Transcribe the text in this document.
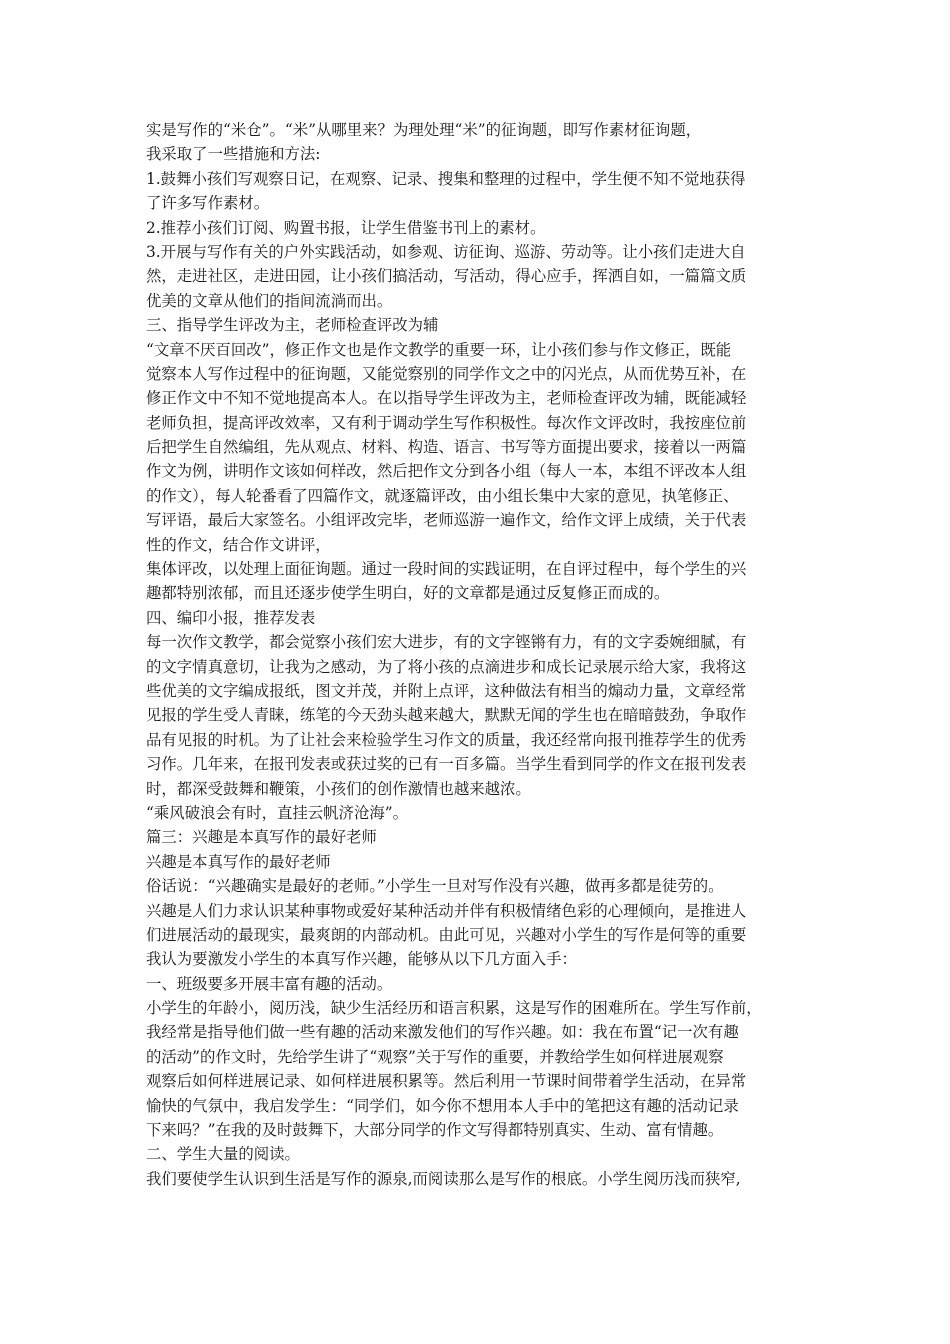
实是写作的“米仓”。“米”从哪里来？为理处理“米”的征询题，即写作素材征询题，
我采取了一些措施和方法:
1.鼓舞小孩们写观察日记，在观察、记录、搜集和整理的过程中，学生便不知不觉地获得
了许多写作素材。
2.推荐小孩们订阅、购置书报，让学生借鉴书刊上的素材。
3.开展与写作有关的户外实践活动，如参观、访征询、巡游、劳动等。让小孩们走进大自
然，走进社区，走进田园，让小孩们搞活动，写活动，得心应手，挥洒自如，一篇篇文质
优美的文章从他们的指间流淌而出。
三、指导学生评改为主，老师检查评改为辅
“文章不厌百回改”，修正作文也是作文教学的重要一环，让小孩们参与作文修正，既能
觉察本人写作过程中的征询题，又能觉察别的同学作文之中的闪光点，从而优势互补，在
修正作文中不知不觉地提高本人。在以指导学生评改为主，老师检查评改为辅，既能减轻
老师负担，提高评改效率，又有利于调动学生写作积极性。每次作文评改时，我按座位前
后把学生自然编组，先从观点、材料、构造、语言、书写等方面提出要求，接着以一两篇
作文为例，讲明作文该如何样改，然后把作文分到各小组（每人一本，本组不评改本人组
的作文），每人轮番看了四篇作文，就逐篇评改，由小组长集中大家的意见，执笔修正、
写评语，最后大家签名。小组评改完毕，老师巡游一遍作文，给作文评上成绩，关于代表
性的作文，结合作文讲评，
集体评改，以处理上面征询题。通过一段时间的实践证明，在自评过程中，每个学生的兴
趣都特别浓郁，而且还逐步使学生明白，好的文章都是通过反复修正而成的。
四、编印小报，推荐发表
每一次作文教学，都会觉察小孩们宏大进步，有的文字铿锵有力，有的文字委婉细腻，有
的文字情真意切，让我为之感动，为了将小孩的点滴进步和成长记录展示给大家，我将这
些优美的文字编成报纸，图文并茂，并附上点评，这种做法有相当的煽动力量，文章经常
见报的学生受人青睐，练笔的今天劲头越来越大，默默无闻的学生也在暗暗鼓劲，争取作
品有见报的时机。为了让社会来检验学生习作文的质量，我还经常向报刊推荐学生的优秀
习作。几年来，在报刊发表或获过奖的已有一百多篇。当学生看到同学的作文在报刊发表
时，都深受鼓舞和鞭策，小孩们的创作激情也越来越浓。
“乘风破浪会有时，直挂云帆济沧海”。
篇三：兴趣是本真写作的最好老师
兴趣是本真写作的最好老师
俗话说：“兴趣确实是最好的老师。”小学生一旦对写作没有兴趣，做再多都是徒劳的。
兴趣是人们力求认识某种事物或爱好某种活动并伴有积极情绪色彩的心理倾向，是推进人
们进展活动的最现实，最爽朗的内部动机。由此可见，兴趣对小学生的写作是何等的重要
我认为要激发小学生的本真写作兴趣，能够从以下几方面入手：
一、班级要多开展丰富有趣的活动。
小学生的年龄小，阅历浅，缺少生活经历和语言积累，这是写作的困难所在。学生写作前，
我经常是指导他们做一些有趣的活动来激发他们的写作兴趣。如：我在布置“记一次有趣
的活动”的作文时，先给学生讲了“观察”关于写作的重要，并教给学生如何样进展观察
观察后如何样进展记录、如何样进展积累等。然后利用一节课时间带着学生活动，在异常
愉快的气氛中，我启发学生：“同学们，如今你不想用本人手中的笔把这有趣的活动记录
下来吗？”在我的及时鼓舞下，大部分同学的作文写得都特别真实、生动、富有情趣。
二、学生大量的阅读。
我们要使学生认识到生活是写作的源泉,而阅读那么是写作的根底。小学生阅历浅而狭窄,
